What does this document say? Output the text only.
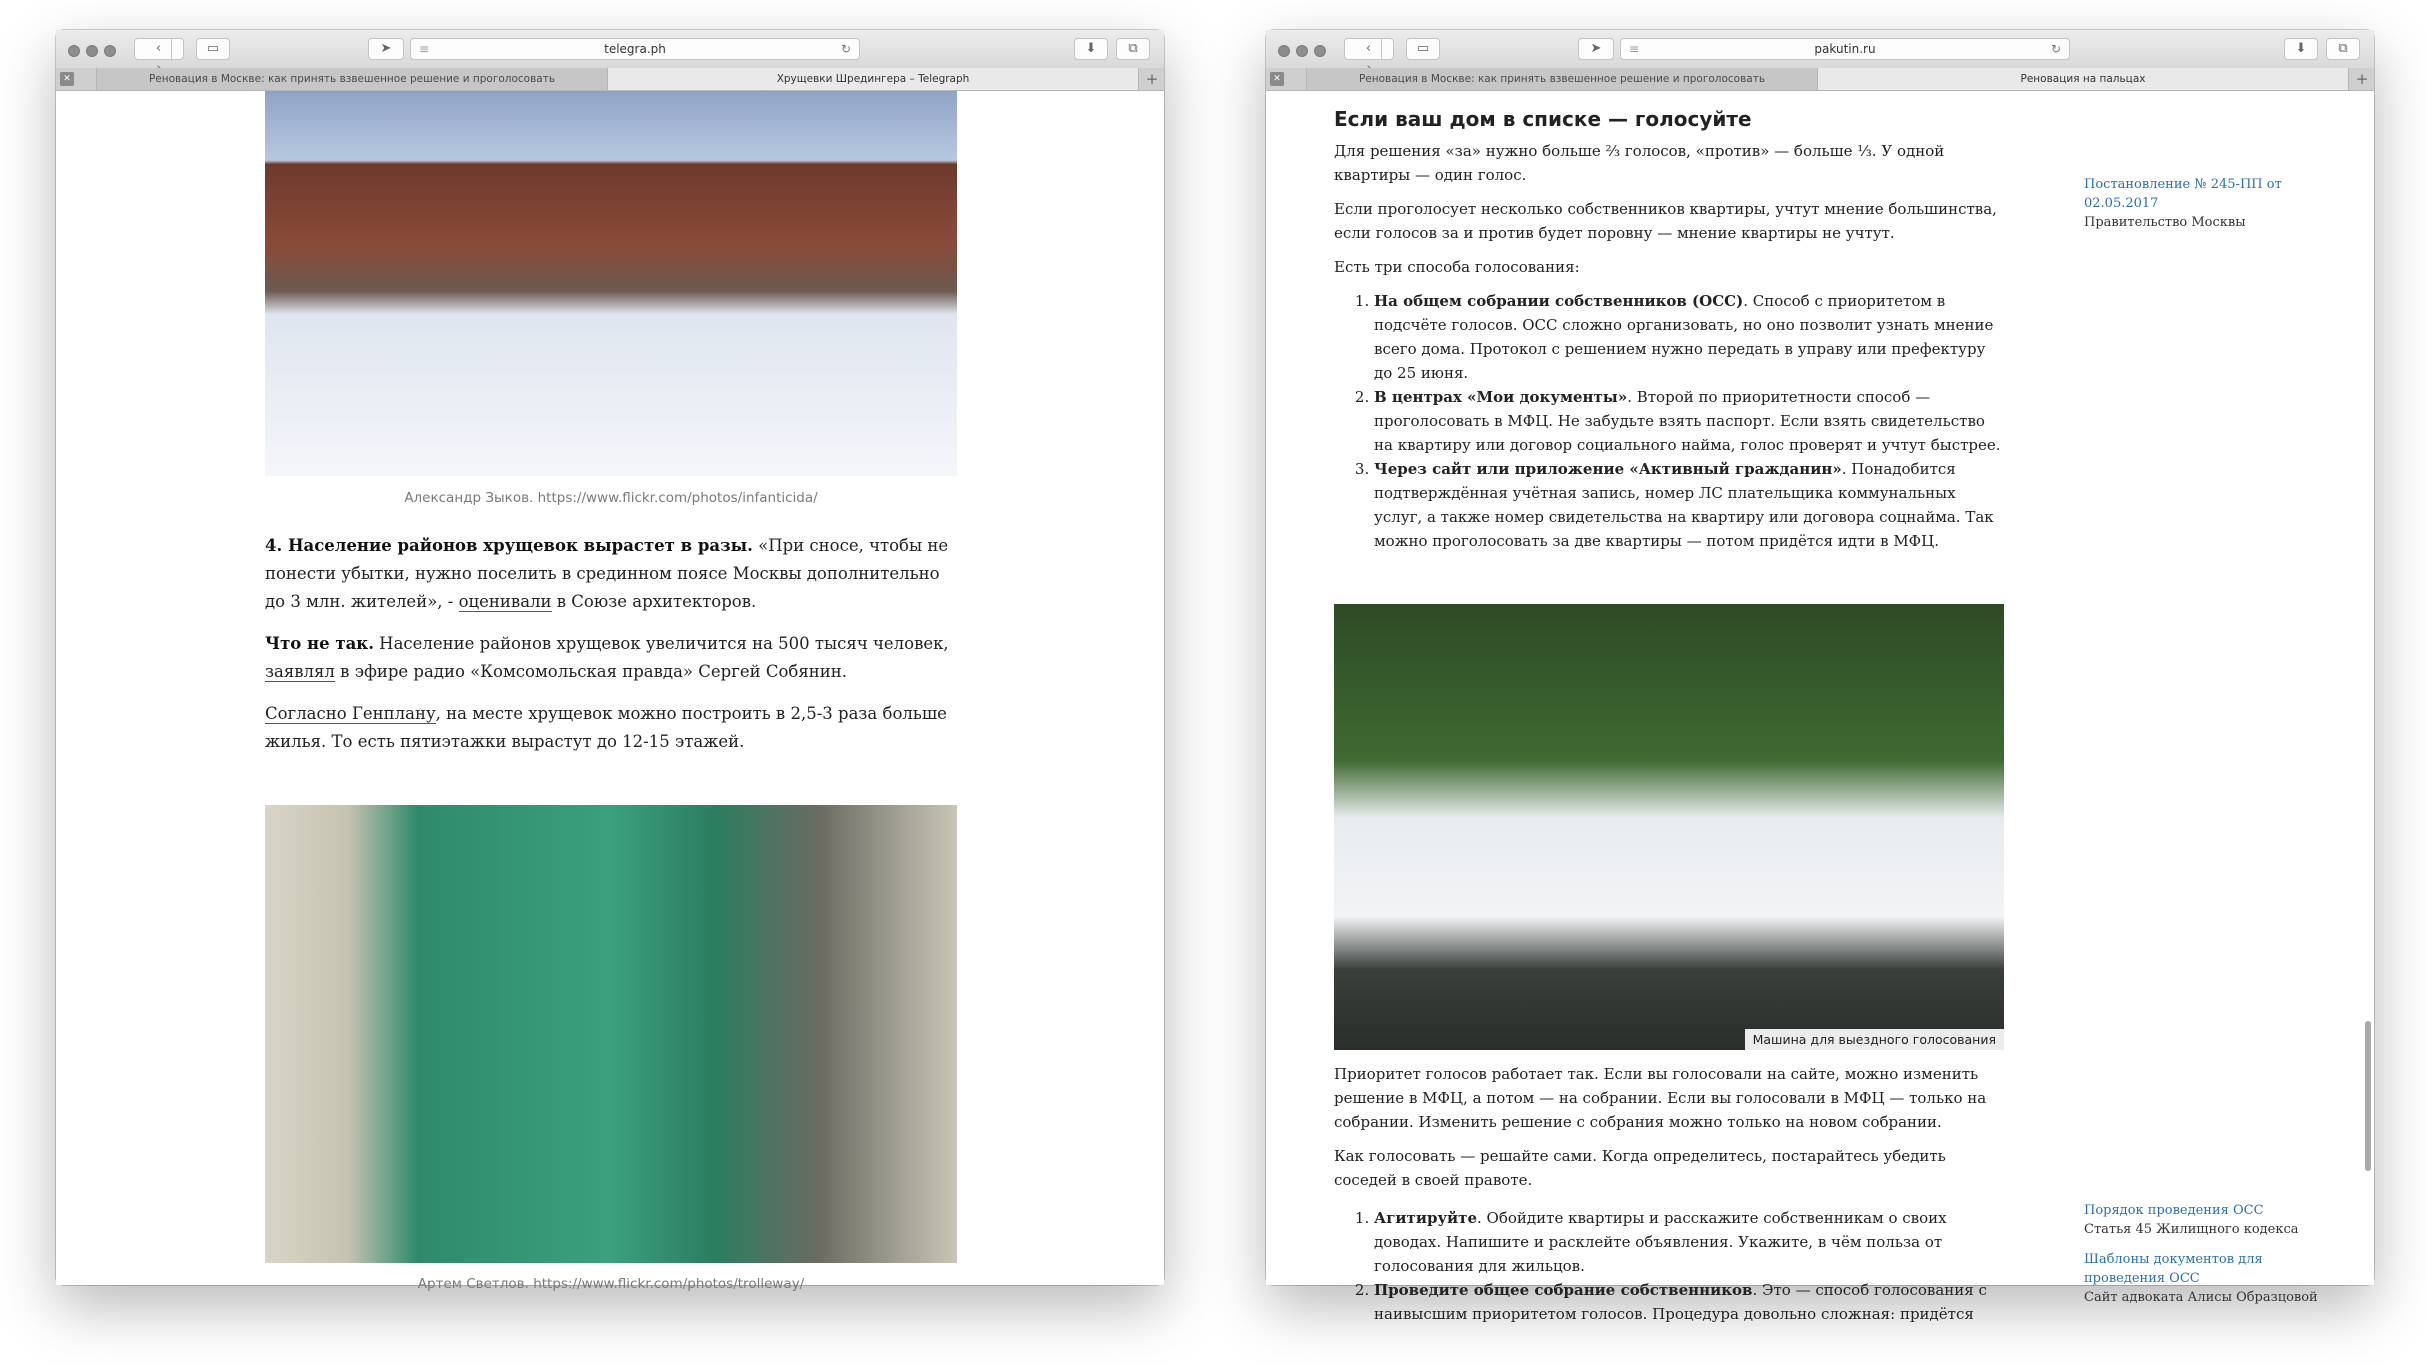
‹	▭	➤	≡	telegra.ph	↻	⬇	⧉
✕	Реновация в Москве: как принять взвешенное решение и проголосовать	Хрущевки Шредингера – Telegraph	+
Александр Зыков. https://www.flickr.com/photos/infanticida/
4. Население районов хрущевок вырастет в разы. «При сносе, чтобы не понести убытки, нужно поселить в срединном поясе Москвы дополнительно до 3 млн. жителей», - оценивали в Союзе архитекторов.
Что не так. Население районов хрущевок увеличится на 500 тысяч человек, заявлял в эфире радио «Комсомольская правда» Сергей Собянин.
Согласно Генплану, на месте хрущевок можно построить в 2,5-3 раза больше жилья. То есть пятиэтажки вырастут до 12-15 этажей.
Артем Светлов. https://www.flickr.com/photos/trolleway/
‹	▭	➤	≡	pakutin.ru	↻	⬇	⧉
✕	Реновация в Москве: как принять взвешенное решение и проголосовать	Реновация на пальцах	+
Если ваш дом в списке — голосуйте

Для решения «за» нужно больше ⅔ голосов, «против» — больше ⅓. У одной квартиры — один голос.

Если проголосует несколько собственников квартиры, учтут мнение большинства, если голосов за и против будет поровну — мнение квартиры не учтут.

Есть три способа голосования:

1. На общем собрании собственников (ОСС). Способ с приоритетом в подсчёте голосов. ОСС сложно организовать, но оно позволит узнать мнение всего дома. Протокол с решением нужно передать в управу или префектуру до 25 июня.
2. В центрах «Мои документы». Второй по приоритетности способ — проголосовать в МФЦ. Не забудьте взять паспорт. Если взять свидетельство на квартиру или договор социального найма, голос проверят и учтут быстрее.
3. Через сайт или приложение «Активный гражданин». Понадобится подтверждённая учётная запись, номер ЛС плательщика коммунальных услуг, а также номер свидетельства на квартиру или договора соцнайма. Так можно проголосовать за две квартиры — потом придётся идти в МФЦ.
Машина для выездного голосования

Приоритет голосов работает так. Если вы голосовали на сайте, можно изменить решение в МФЦ, а потом — на собрании. Если вы голосовали в МФЦ — только на собрании. Изменить решение с собрания можно только на новом собрании.

Как голосовать — решайте сами. Когда определитесь, постарайтесь убедить соседей в своей правоте.

1. Агитируйте. Обойдите квартиры и расскажите собственникам о своих доводах. Напишите и расклейте объявления. Укажите, в чём польза от голосования для жильцов.
2. Проведите общее собрание собственников. Это — способ голосования с наивысшим приоритетом голосов. Процедура довольно сложная: придётся
Постановление № 245-ПП от 02.05.2017
Правительство Москвы
Порядок проведения ОСС
Статья 45 Жилищного кодекса
Шаблоны документов для проведения ОСС
Сайт адвоката Алисы Образцовой
